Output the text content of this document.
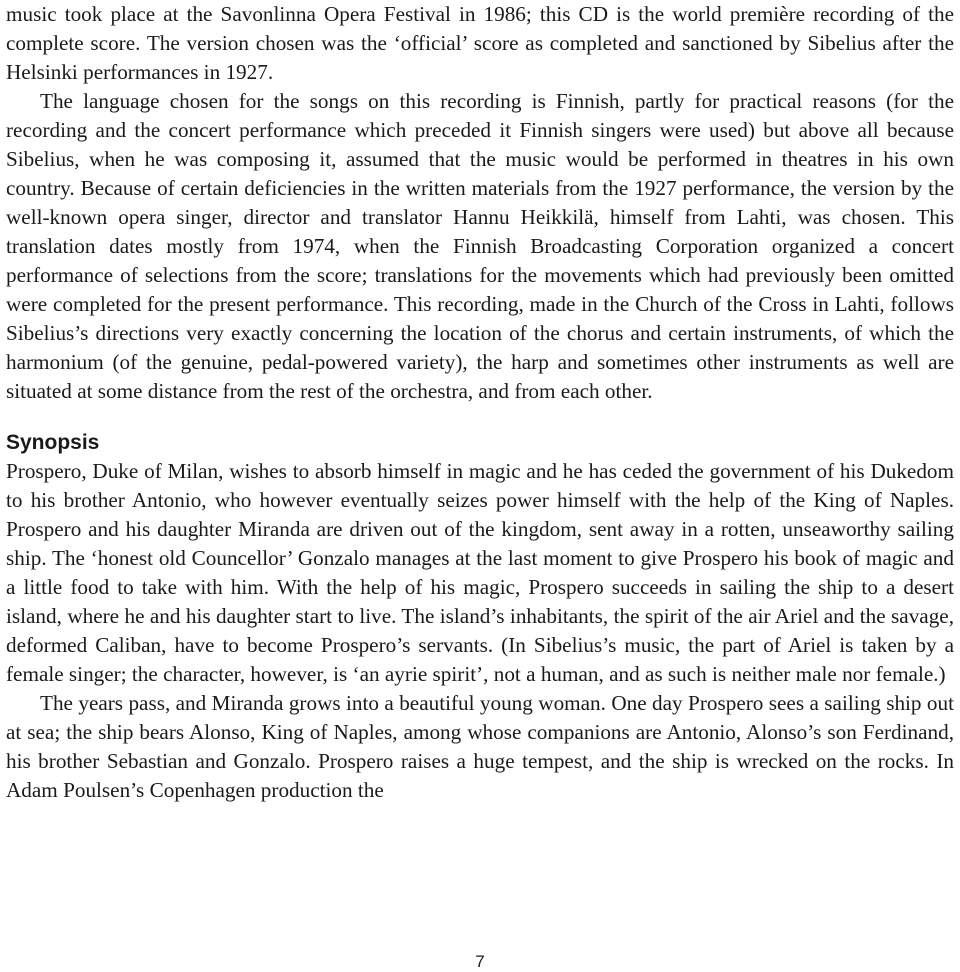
music took place at the Savonlinna Opera Festival in 1986; this CD is the world première recording of the complete score. The version chosen was the ‘official’ score as completed and sanctioned by Sibelius after the Helsinki performances in 1927.

The language chosen for the songs on this recording is Finnish, partly for practical reasons (for the recording and the concert performance which preceded it Finnish singers were used) but above all because Sibelius, when he was composing it, assumed that the music would be performed in theatres in his own country. Because of certain deficiencies in the written materials from the 1927 performance, the version by the well-known opera singer, director and translator Hannu Heikkilä, himself from Lahti, was chosen. This translation dates mostly from 1974, when the Finnish Broadcasting Corporation organized a concert performance of selections from the score; translations for the movements which had previously been omitted were completed for the present performance. This recording, made in the Church of the Cross in Lahti, follows Sibelius’s directions very exactly concerning the location of the chorus and certain instruments, of which the harmonium (of the genuine, pedal-powered variety), the harp and sometimes other instruments as well are situated at some distance from the rest of the orchestra, and from each other.

Synopsis

Prospero, Duke of Milan, wishes to absorb himself in magic and he has ceded the government of his Dukedom to his brother Antonio, who however eventually seizes power himself with the help of the King of Naples. Prospero and his daughter Miranda are driven out of the kingdom, sent away in a rotten, unseaworthy sailing ship. The ‘honest old Councellor’ Gonzalo manages at the last moment to give Prospero his book of magic and a little food to take with him. With the help of his magic, Prospero succeeds in sailing the ship to a desert island, where he and his daughter start to live. The island’s inhabitants, the spirit of the air Ariel and the savage, deformed Caliban, have to become Prospero’s servants. (In Sibelius’s music, the part of Ariel is taken by a female singer; the character, however, is ‘an ayrie spirit’, not a human, and as such is neither male nor female.)

The years pass, and Miranda grows into a beautiful young woman. One day Prospero sees a sailing ship out at sea; the ship bears Alonso, King of Naples, among whose companions are Antonio, Alonso’s son Ferdinand, his brother Sebastian and Gonzalo. Prospero raises a huge tempest, and the ship is wrecked on the rocks. In Adam Poulsen’s Copenhagen production the

7
